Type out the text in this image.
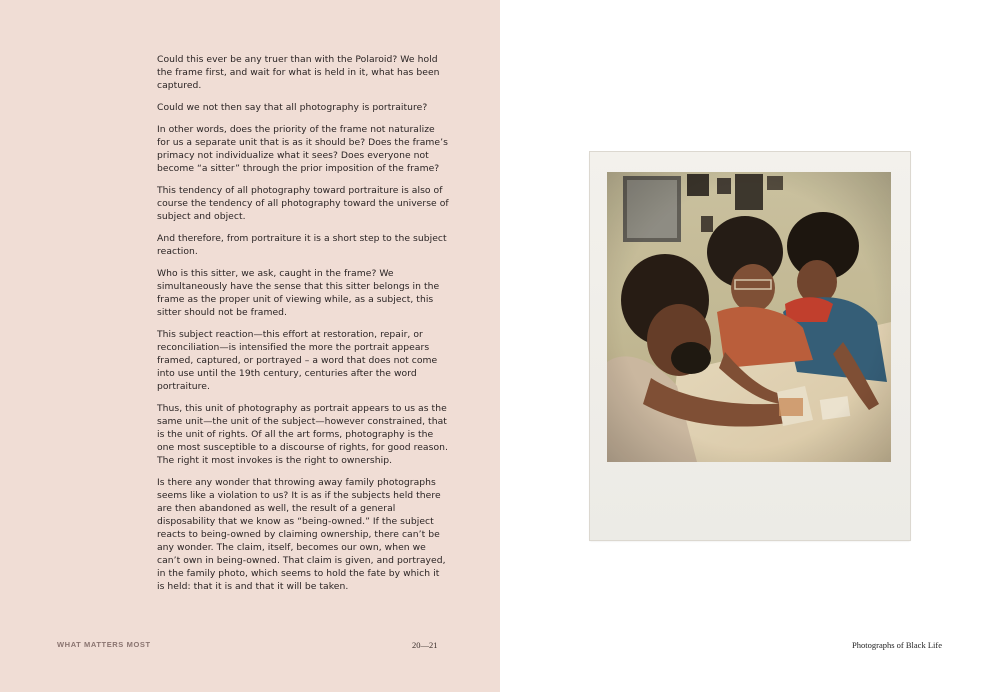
Could this ever be any truer than with the Polaroid? We hold the frame first, and wait for what is held in it, what has been captured.

Could we not then say that all photography is portraiture?

In other words, does the priority of the frame not naturalize for us a separate unit that is as it should be? Does the frame’s primacy not individualize what it sees? Does everyone not become “a sitter” through the prior imposition of the frame?

This tendency of all photography toward portraiture is also of course the tendency of all photography toward the universe of subject and object.

And therefore, from portraiture it is a short step to the subject reaction.

Who is this sitter, we ask, caught in the frame? We simultaneously have the sense that this sitter belongs in the frame as the proper unit of viewing while, as a subject, this sitter should not be framed.

This subject reaction—this effort at restoration, repair, or reconciliation—is intensified the more the portrait appears framed, captured, or portrayed – a word that does not come into use until the 19th century, centuries after the word portraiture.

Thus, this unit of photography as portrait appears to us as the same unit—the unit of the subject—however constrained, that is the unit of rights. Of all the art forms, photography is the one most susceptible to a discourse of rights, for good reason. The right it most invokes is the right to ownership.

Is there any wonder that throwing away family photographs seems like a violation to us? It is as if the subjects held there are then abandoned as well, the result of a general disposability that we know as “being-owned.” If the subject reacts to being-owned by claiming ownership, there can’t be any wonder. The claim, itself, becomes our own, when we can’t own in being-owned. That claim is given, and portrayed, in the family photo, which seems to hold the fate by which it is held: that it is and that it will be taken.

WHAT MATTERS MOST	20—21	Photographs of Black Life
